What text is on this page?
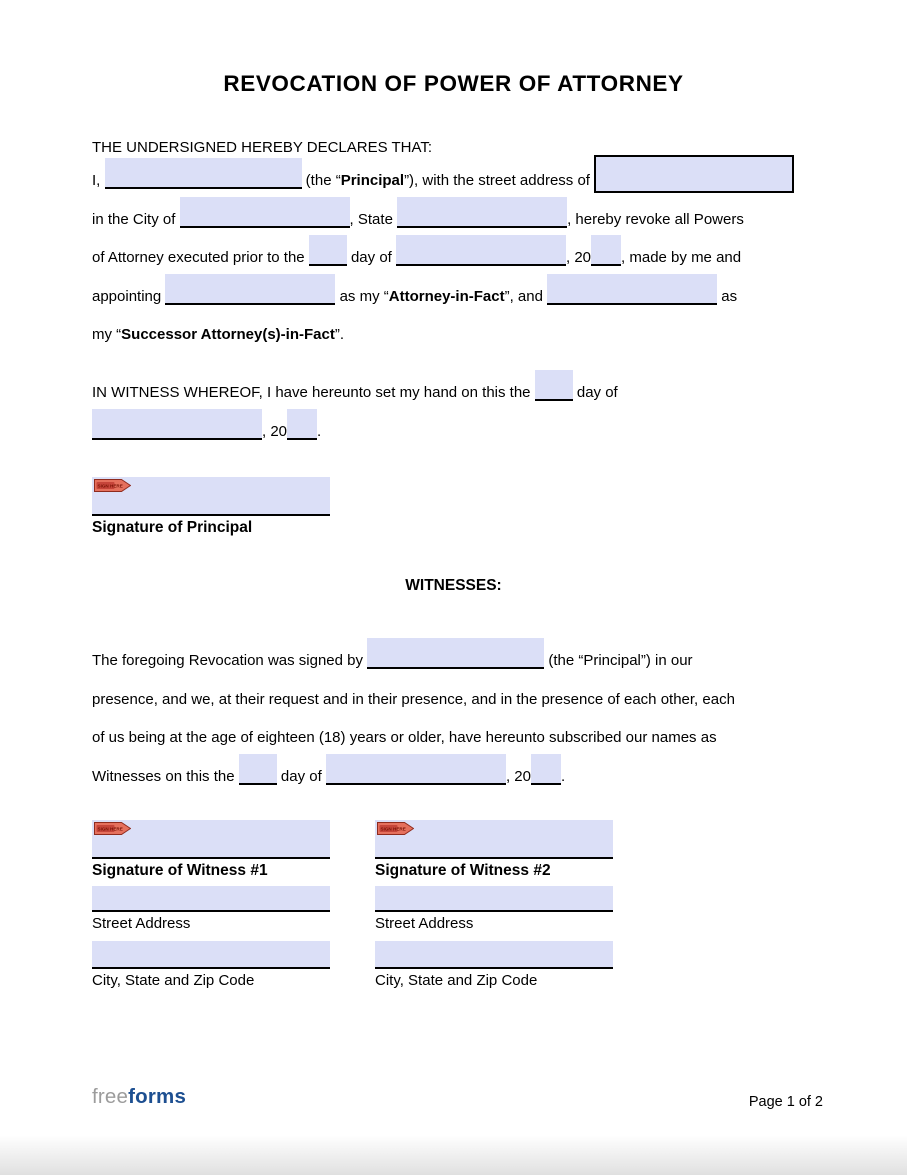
REVOCATION OF POWER OF ATTORNEY
THE UNDERSIGNED HEREBY DECLARES THAT:
I,	(the “Principal”), with the street address of
in the City of	, State	, hereby revoke all Powers
of Attorney executed prior to the	day of	, 20 , made by me and
appointing	as my “Attorney-in-Fact”, and	as
my “Successor Attorney(s)-in-Fact”.
IN WITNESS WHEREOF, I have hereunto set my hand on this the	day of
, 20 .
SIGN HERE
Signature of Principal
WITNESSES:
The foregoing Revocation was signed by	(the “Principal”) in our
presence, and we, at their request and in their presence, and in the presence of each other, each
of us being at the age of eighteen (18) years or older, have hereunto subscribed our names as
Witnesses on this the	day of	, 20 .
SIGN HERE
Signature of Witness #1
Street Address
City, State and Zip Code
SIGN HERE
Signature of Witness #2
Street Address
City, State and Zip Code
freeforms	Page 1 of 2
